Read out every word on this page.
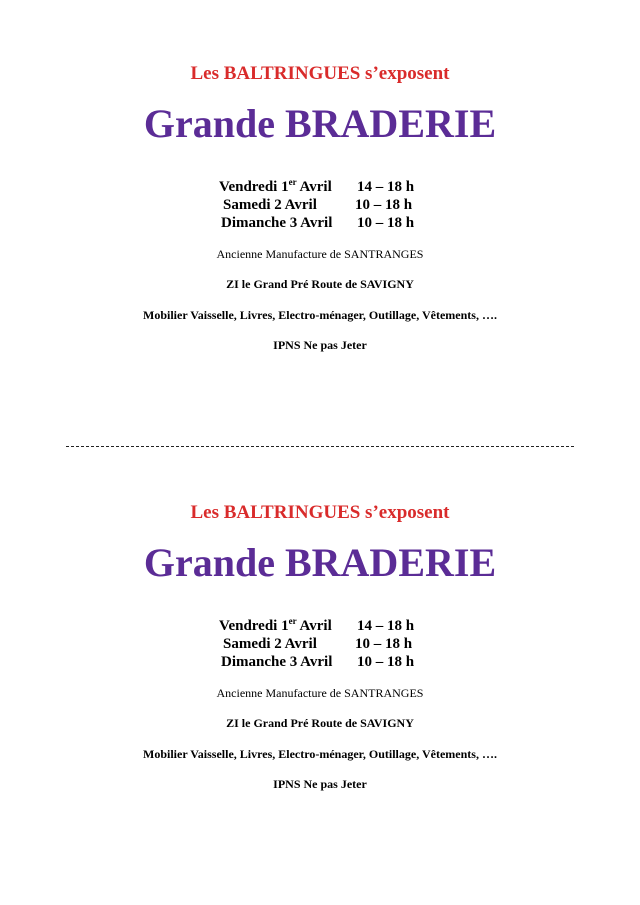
Les BALTRINGUES s’exposent
Grande BRADERIE
Vendredi 1er Avril 14 – 18 h
Samedi 2 Avril	10 – 18 h
Dimanche 3 Avril 10 – 18 h
Ancienne Manufacture de SANTRANGES
ZI le Grand Pré Route de SAVIGNY
Mobilier Vaisselle, Livres, Electro-ménager, Outillage, Vêtements, ….
IPNS Ne pas Jeter
Les BALTRINGUES s’exposent
Grande BRADERIE
Vendredi 1er Avril 14 – 18 h
Samedi 2 Avril	10 – 18 h
Dimanche 3 Avril 10 – 18 h
Ancienne Manufacture de SANTRANGES
ZI le Grand Pré Route de SAVIGNY
Mobilier Vaisselle, Livres, Electro-ménager, Outillage, Vêtements, ….
IPNS Ne pas Jeter
